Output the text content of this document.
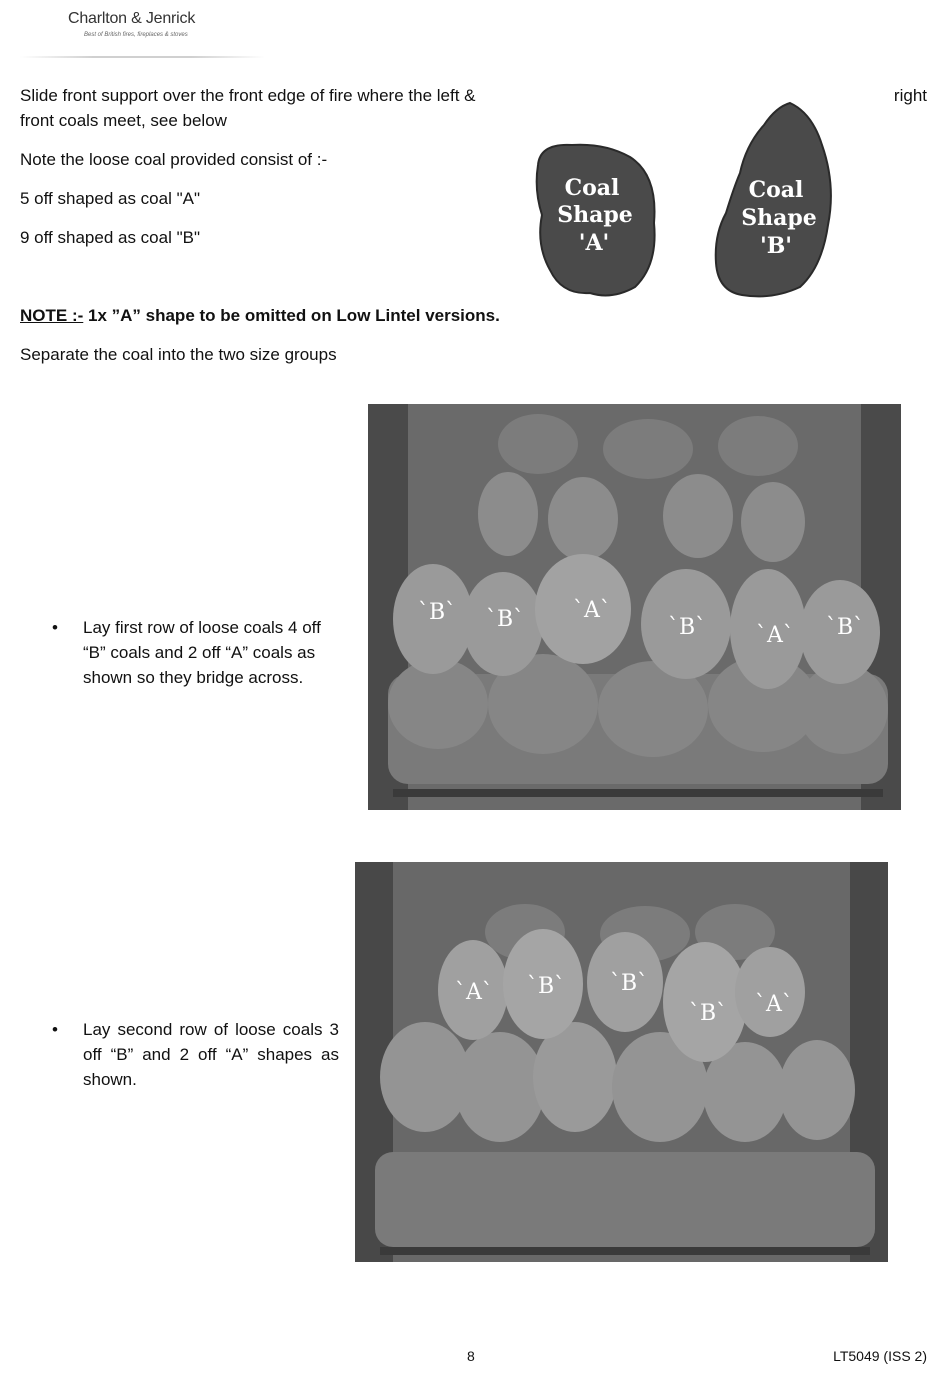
Charlton & Jenrick
Best of British fires, fireplaces & stoves

Slide front support over the front edge of fire where the left &	right

front coals meet, see below

Note the loose coal provided consist of :-

5 off shaped as coal "A"

9 off shaped as coal "B"

NOTE :- 1x ”A” shape to be omitted on Low Lintel versions.

Separate the coal into the two size groups

Coal
Shape
'A'
Coal
Shape
'B'
• Lay first row of loose coals 4 off “B” coals and 2 off “A” coals as shown so they bridge across.
`B` `B` `A`
`B` `A` `B`
• Lay second row of loose coals 3 off “B” and 2 off “A” shapes as shown.
`A` `B` `B`
`B` `A`
8	LT5049 (ISS 2)
